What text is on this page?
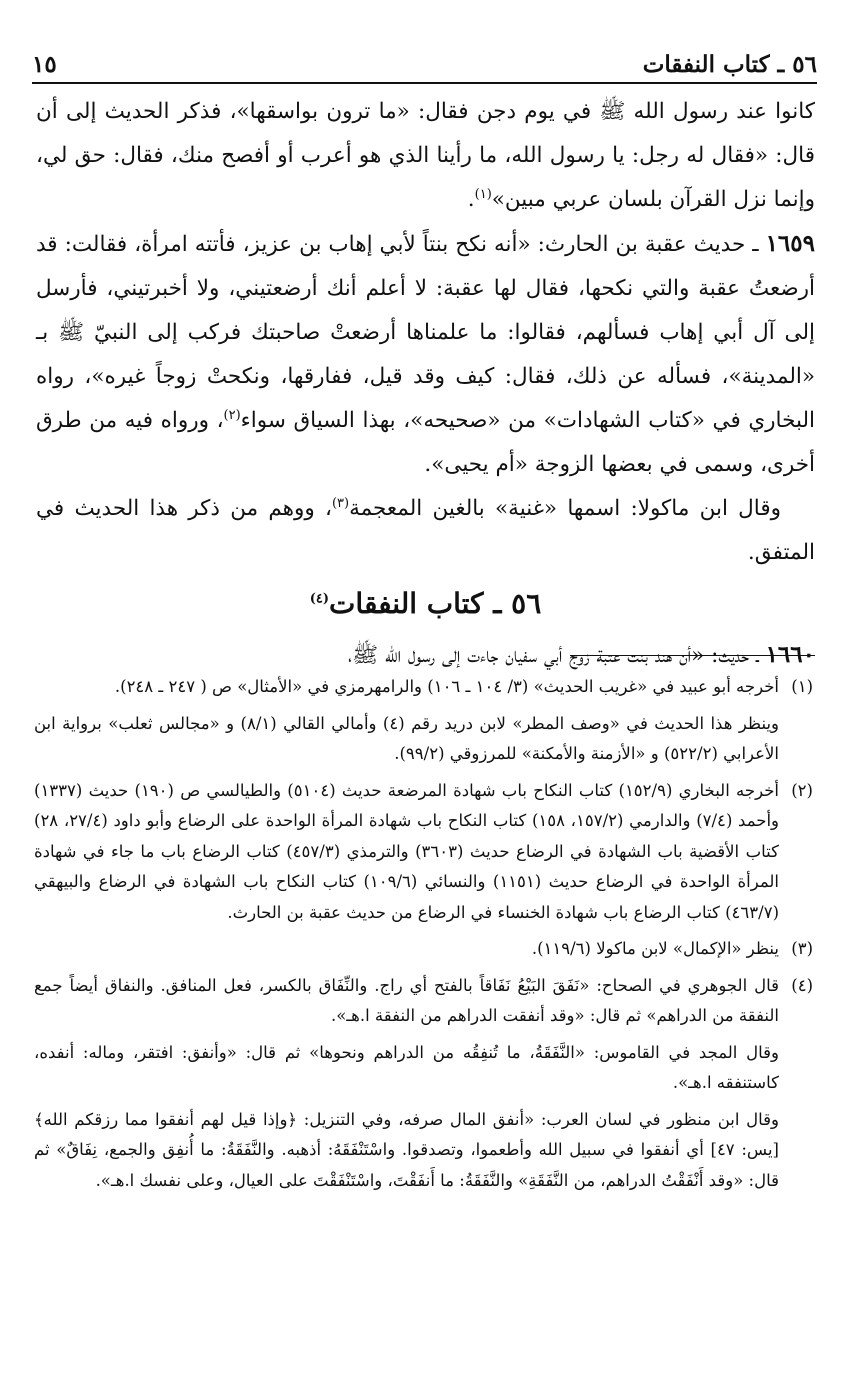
٥٦ ـ كتاب النفقات
١٥

كانوا عند رسول الله ﷺ في يوم دجن فقال: «ما ترون بواسقها»، فذكر الحديث إلى أن قال: «فقال له رجل: يا رسول الله، ما رأينا الذي هو أعرب أو أفصح منك، فقال: حق لي، وإنما نزل القرآن بلسان عربي مبين»$^{(١)}$.

١٦٥٩ ـ حديث عقبة بن الحارث: «أنه نكح بنتاً لأبي إهاب بن عزيز، فأتته امرأة، فقالت: قد أرضعتُ عقبة والتي نكحها، فقال لها عقبة: لا أعلم أنك أرضعتيني، ولا أخبرتيني، فأرسل إلى آل أبي إهاب فسألهم، فقالوا: ما علمناها أرضعتْ صاحبتك فركب إلى النبيّ ﷺ بـ «المدينة»، فسأله عن ذلك، فقال: كيف وقد قيل، ففارقها، ونكحتْ زوجاً غيره»، رواه البخاري في «كتاب الشهادات» من «صحيحه»، بهذا السياق سواء$^{(٢)}$، ورواه فيه من طرق أخرى، وسمى في بعضها الزوجة «أم يحيى».

وقال ابن ماكولا: اسمها «غنية» بالغين المعجمة$^{(٣)}$، ووهم من ذكر هذا الحديث في المتفق.

٥٦ ـ كتاب النفقات$^{(٤)}$

١٦٦٠ ـ حديث: «أن هند بنت عتبة زوج أبي سفيان جاءت إلى رسول الله ﷺ،

(١)أخرجه أبو عبيد في «غريب الحديث» (٣/ ١٠٤ ـ ١٠٦) والرامهرمزي في «الأمثال» ص ( ٢٤٧ ـ ٢٤٨).

وينظر هذا الحديث في «وصف المطر» لابن دريد رقم (٤) وأمالي القالي (٨/١) و «مجالس ثعلب» برواية ابن الأعرابي (٥٢٢/٢) و «الأزمنة والأمكنة» للمرزوقي (٩٩/٢).

(٢)أخرجه البخاري (١٥٢/٩) كتاب النكاح باب شهادة المرضعة حديث (٥١٠٤) والطيالسي ص (١٩٠) حديث (١٣٣٧) وأحمد (٧/٤) والدارمي (١٥٧/٢، ١٥٨) كتاب النكاح باب شهادة المرأة الواحدة على الرضاع وأبو داود (٢٧/٤، ٢٨) كتاب الأقضية باب الشهادة في الرضاع حديث (٣٦٠٣) والترمذي (٤٥٧/٣) كتاب الرضاع باب ما جاء في شهادة المرأة الواحدة في الرضاع حديث (١١٥١) والنسائي (١٠٩/٦) كتاب النكاح باب الشهادة في الرضاع والبيهقي (٤٦٣/٧) كتاب الرضاع باب شهادة الخنساء في الرضاع من حديث عقبة بن الحارث.

(٣)ينظر «الإكمال» لابن ماكولا (١١٩/٦).

(٤)قال الجوهري في الصحاح: «نَفَقَ البَيْعُ نَفَاقاً بالفتح أي راج. والنِّفَاق بالكسر، فعل المنافق. والنفاق أيضاً جمع النفقة من الدراهم» ثم قال: «وقد أنفقت الدراهم من النفقة ا.هـ».

وقال المجد في القاموس: «النَّفَقَةُ، ما تُنفِقُه من الدراهم ونحوها» ثم قال: «وأنفق: افتقر، وماله: أنفده، كاستنفقه ا.هـ».

وقال ابن منظور في لسان العرب: «أنفق المال صرفه، وفي التنزيل: ﴿وإذا قيل لهم أنفقوا مما رزقكم الله﴾ [يس: ٤٧] أي أنفقوا في سبيل الله وأطعموا، وتصدقوا. واسْتَنْفَقَهُ: أذهبه. والنَّفَقَةُ: ما أُنفِق والجمع، نِفَاقٌ» ثم قال: «وقد أَنْفَقْتُ الدراهم، من النَّفَقَةِ» والنَّفَقَةُ: ما أَنفَقْتَ، واسْتَنْفَقْتَ على العيال، وعلى نفسك ا.هـ».
